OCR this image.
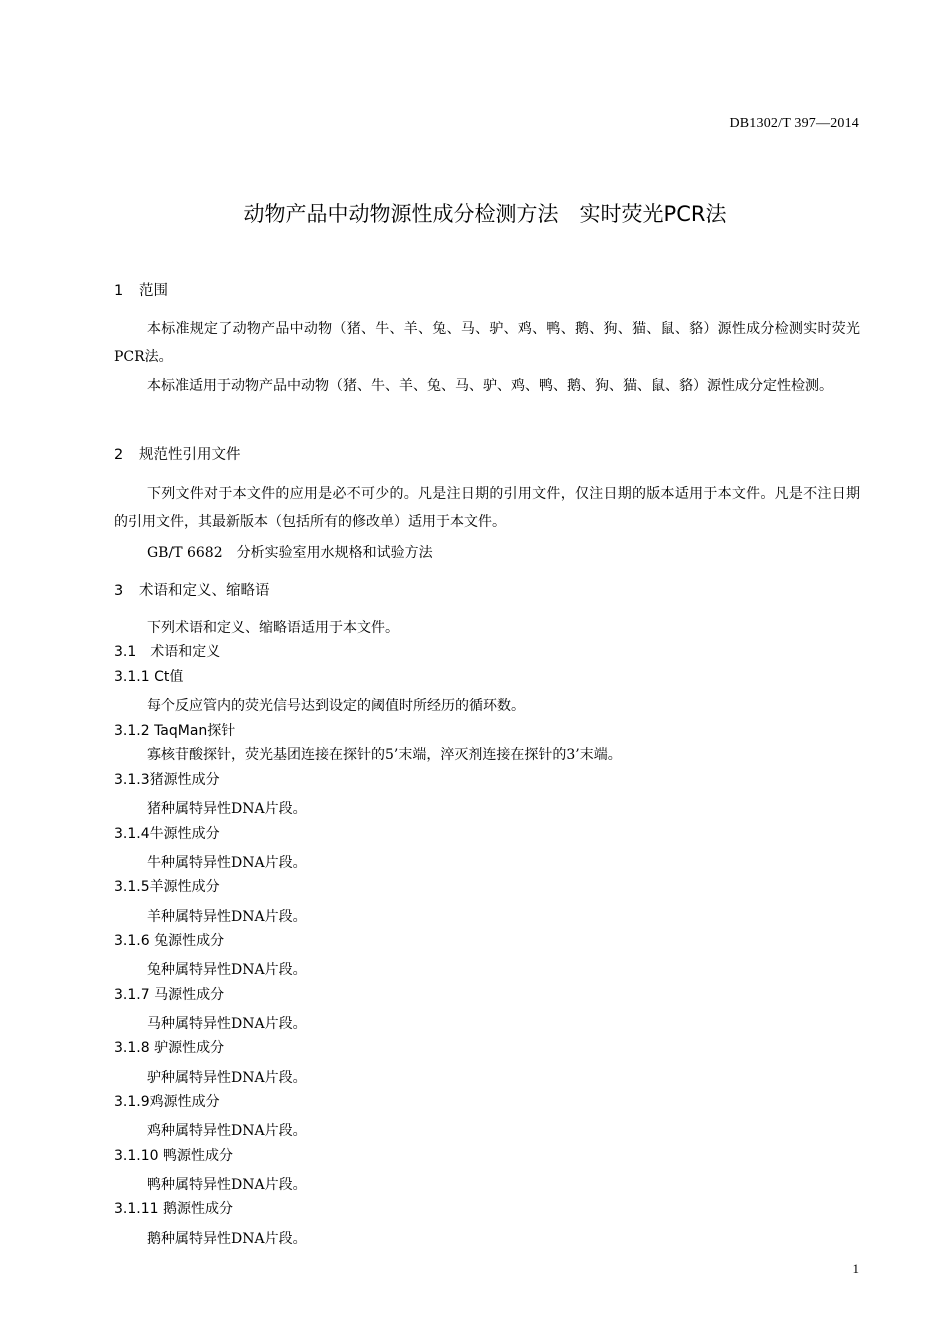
DB1302/T 397—2014
动物产品中动物源性成分检测方法　实时荧光PCR法
1 范围
本标准规定了动物产品中动物（猪、牛、羊、兔、马、驴、鸡、鸭、鹅、狗、猫、鼠、貉）源性成分检测实时荧光PCR法。
本标准适用于动物产品中动物（猪、牛、羊、兔、马、驴、鸡、鸭、鹅、狗、猫、鼠、貉）源性成分定性检测。
2 规范性引用文件
下列文件对于本文件的应用是必不可少的。凡是注日期的引用文件，仅注日期的版本适用于本文件。凡是不注日期的引用文件，其最新版本（包括所有的修改单）适用于本文件。
GB/T 6682　分析实验室用水规格和试验方法
3 术语和定义、缩略语
下列术语和定义、缩略语适用于本文件。
3.1　术语和定义
3.1.1 Ct值
每个反应管内的荧光信号达到设定的阈值时所经历的循环数。
3.1.2 TaqMan探针
寡核苷酸探针，荧光基团连接在探针的5’末端，淬灭剂连接在探针的3’末端。
3.1.3猪源性成分
猪种属特异性DNA片段。
3.1.4牛源性成分
牛种属特异性DNA片段。
3.1.5羊源性成分
羊种属特异性DNA片段。
3.1.6 兔源性成分
兔种属特异性DNA片段。
3.1.7 马源性成分
马种属特异性DNA片段。
3.1.8 驴源性成分
驴种属特异性DNA片段。
3.1.9鸡源性成分
鸡种属特异性DNA片段。
3.1.10 鸭源性成分
鸭种属特异性DNA片段。
3.1.11 鹅源性成分
鹅种属特异性DNA片段。
1
